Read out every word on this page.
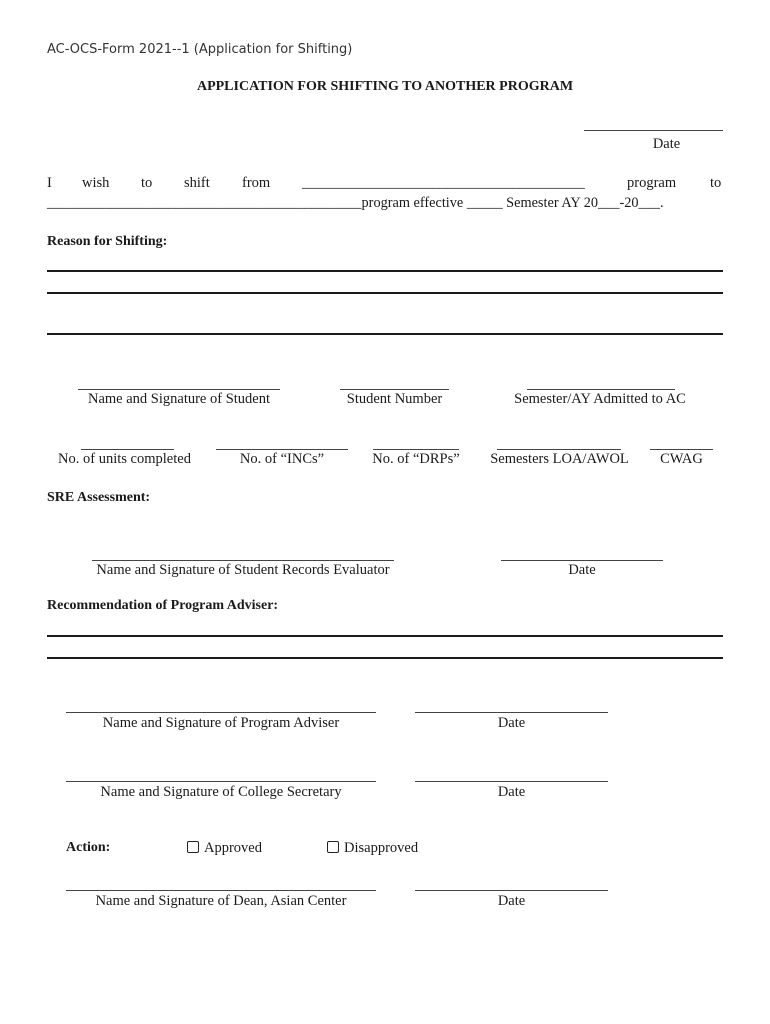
AC-OCS-Form 2021--1 (Application for Shifting)
APPLICATION FOR SHIFTING TO ANOTHER PROGRAM
Date
I wish to shift from _______________________________________	program to
____________________________________________program effective _____ Semester AY 20___-20___.
Reason for Shifting:
Name and Signature of Student	Student Number	Semester/AY Admitted to AC
No. of units completed	No. of “INCs”	No. of “DRPs”	Semesters LOA/AWOL	CWAG
SRE Assessment:
Name and Signature of Student Records Evaluator	Date
Recommendation of Program Adviser:
Name and Signature of Program Adviser	Date
Name and Signature of College Secretary	Date
Action:	Approved	Disapproved
Name and Signature of Dean, Asian Center	Date
